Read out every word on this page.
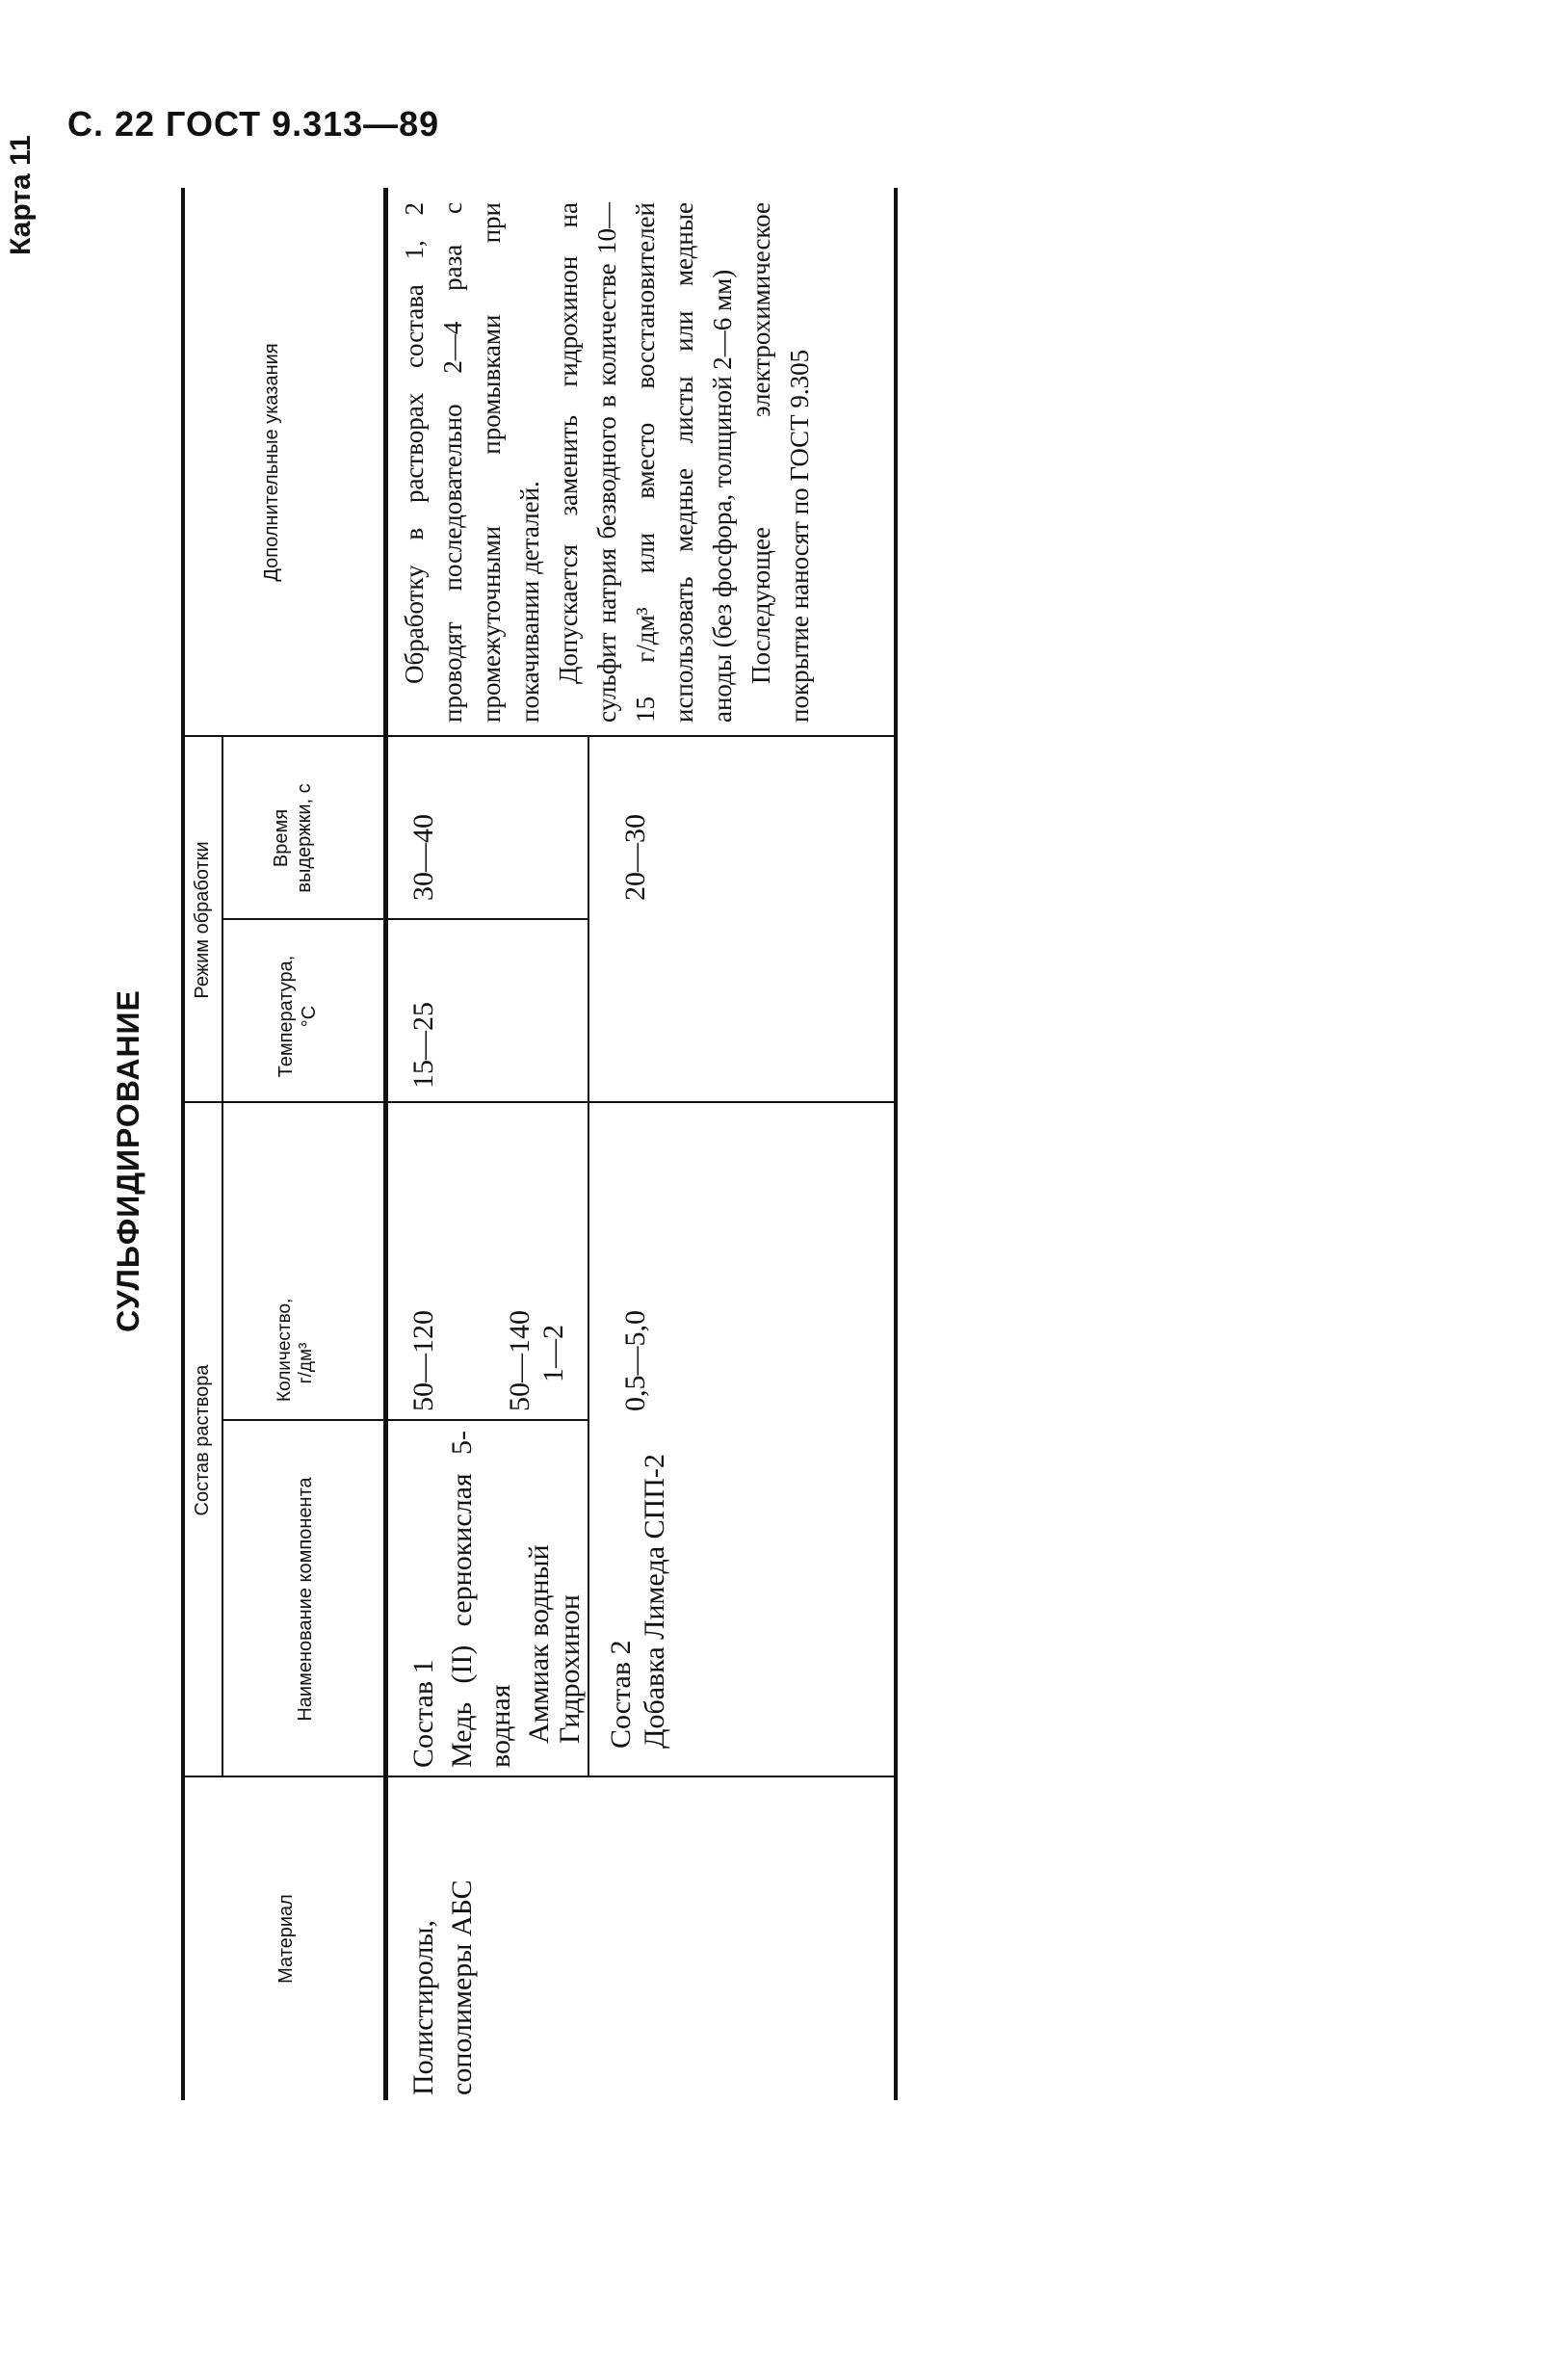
С. 22 ГОСТ 9.313—89
Карта 11
СУЛЬФИДИРОВАНИЕ
Материал
Состав раствора
Наименование компонента
Количество, г/дм³
Режим обработки
Температура, °С
Время выдержки, с
Дополнительные указания
Полистиролы, сополимеры АБС
Состав 1 Медь (II) сернокислая 5-водная Аммиак водный Гидрохинон
50—120 50—140 1—2
15—25
30—40
Состав 2 Добавка Лимеда СПП-2
0,5—5,0
20—30

Обработку в растворах состава 1, 2 проводят последовательно 2—4 раза с промежуточными промывками при покачивании деталей. Допускается заменить гидрохинон на сульфит натрия безводного в количестве 10—15 г/дм³ или вместо восстановителей использовать медные листы или медные аноды (без фосфора, толщиной 2—6 мм) Последующее электрохимическое покрытие наносят по ГОСТ 9.305
